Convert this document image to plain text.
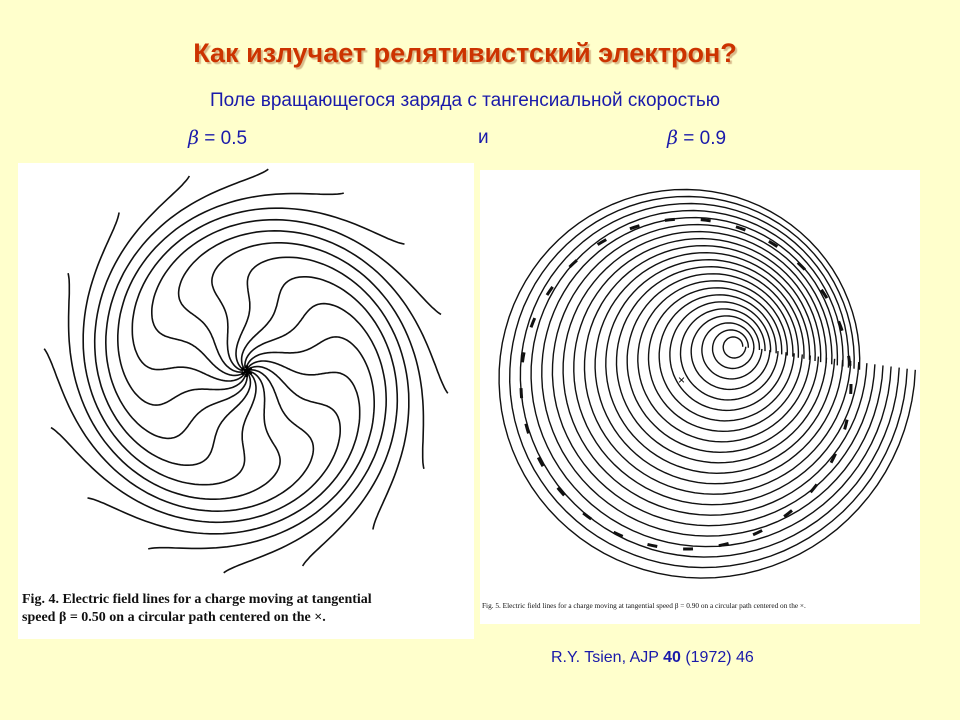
Как излучает релятивистский электрон?
Поле вращающегося заряда с тангенсиальной скоростью
β = 0.5	и	β = 0.9
✱
Fig. 4. Electric field lines for a charge moving at tangential
speed β = 0.50 on a circular path centered on the ×.
×
Fig. 5. Electric field lines for a charge moving at tangential speed β = 0.90 on a circular path centered on the ×.
R.Y. Tsien, AJP 40 (1972) 46
